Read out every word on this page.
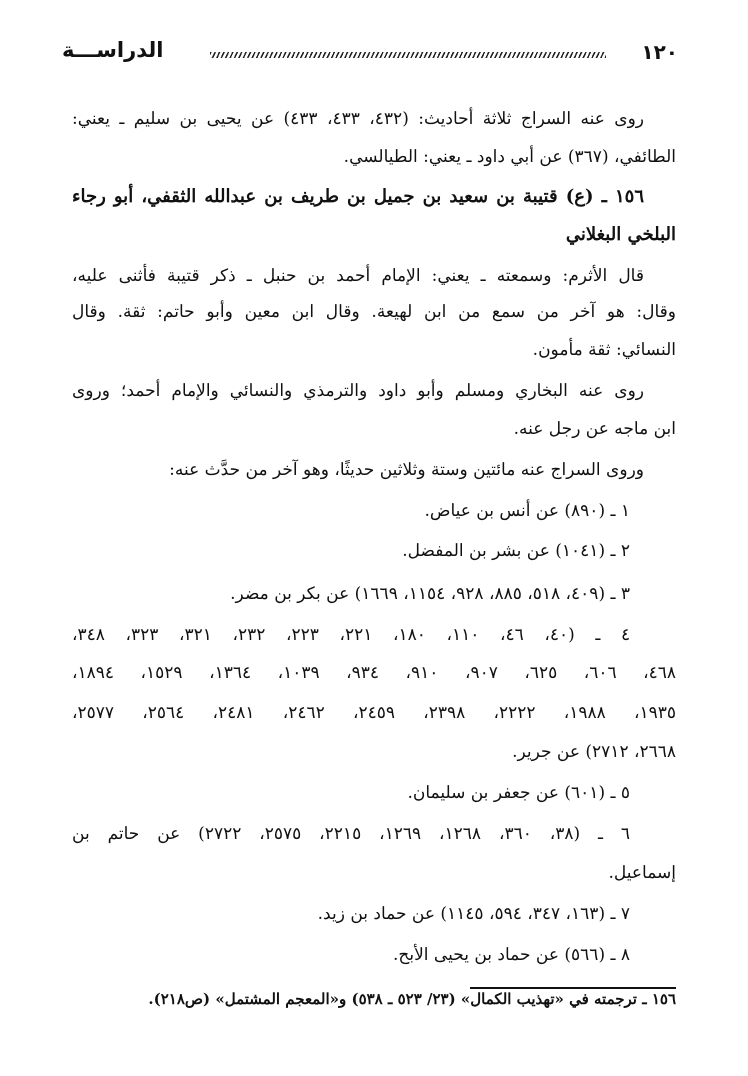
١٢٠
الدراســـة
روى عنه السراج ثلاثة أحاديث: (٤٣٢، ٤٣٣، ٤٣٣) عن يحيى بن سليم ـ يعني:
الطائفي، (٣٦٧) عن أبي داود ـ يعني: الطيالسي.
١٥٦ ـ (ع) قتيبة بن سعيد بن جميل بن طريف بن عبدالله الثقفي، أبو رجاء
البلخي البغلاني
قال الأثرم: وسمعته ـ يعني: الإمام أحمد بن حنبل ـ ذكر قتيبة فأثنى عليه،
وقال: هو آخر من سمع من ابن لهيعة. وقال ابن معين وأبو حاتم: ثقة. وقال
النسائي: ثقة مأمون.
روى عنه البخاري ومسلم وأبو داود والترمذي والنسائي والإمام أحمد؛ وروى
ابن ماجه عن رجل عنه.
وروى السراج عنه مائتين وستة وثلاثين حديثًا، وهو آخر من حدَّث عنه:
١ ـ (٨٩٠) عن أنس بن عياض.
٢ ـ (١٠٤١) عن بشر بن المفضل.
٣ ـ (٤٠٩، ٥١٨، ٨٨٥، ٩٢٨، ١١٥٤، ١٦٦٩) عن بكر بن مضر.
٤ ـ (٤٠، ٤٦، ١١٠، ١٨٠، ٢٢١، ٢٢٣، ٢٣٢، ٣٢١، ٣٢٣، ٣٤٨،
٤٦٨، ٦٠٦، ٦٢٥، ٩٠٧، ٩١٠، ٩٣٤، ١٠٣٩، ١٣٦٤، ١٥٢٩، ١٨٩٤،
١٩٣٥، ١٩٨٨، ٢٢٢٢، ٢٣٩٨، ٢٤٥٩، ٢٤٦٢، ٢٤٨١، ٢٥٦٤، ٢٥٧٧،
٢٦٦٨، ٢٧١٢) عن جرير.
٥ ـ (٦٠١) عن جعفر بن سليمان.
٦ ـ (٣٨، ٣٦٠، ١٢٦٨، ١٢٦٩، ٢٢١٥، ٢٥٧٥، ٢٧٢٢) عن حاتم بن
إسماعيل.
٧ ـ (١٦٣، ٣٤٧، ٥٩٤، ١١٤٥) عن حماد بن زيد.
٨ ـ (٥٦٦) عن حماد بن يحيى الأبح.
١٥٦ ـ ترجمته في «تهذيب الكمال» (٢٣/ ٥٢٣ ـ ٥٣٨) و«المعجم المشتمل» (ص٢١٨).
